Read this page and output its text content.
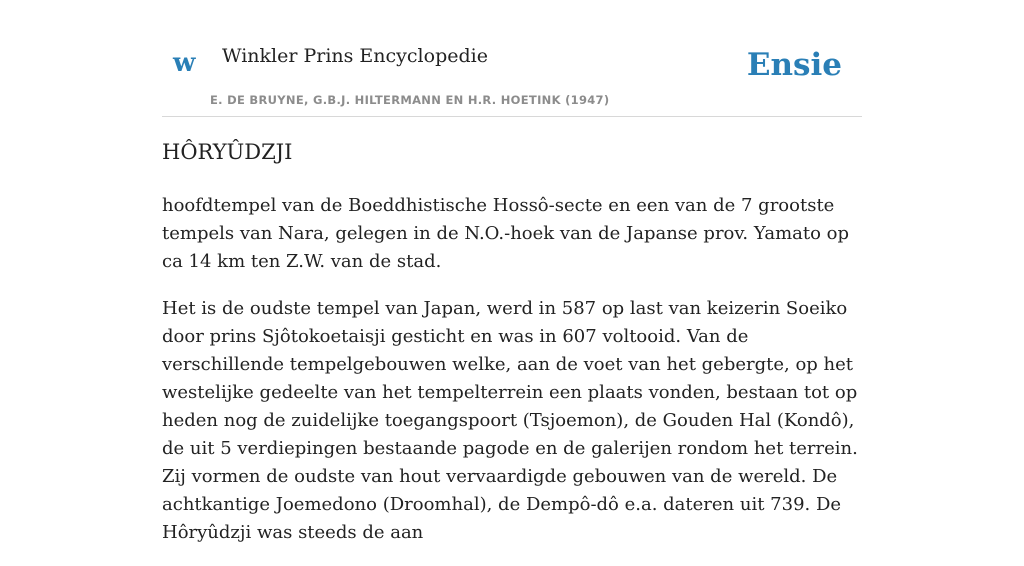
w Winkler Prins Encyclopedie
E. DE BRUYNE, G.B.J. HILTERMANN EN H.R. HOETINK (1947)
Ensie
HÔRYÛDZJI

hoofdtempel van de Boeddhistische Hossô-secte en een van de 7 grootste tempels van Nara, gelegen in de N.O.-hoek van de Japanse prov. Yamato op ca 14 km ten Z.W. van de stad.

Het is de oudste tempel van Japan, werd in 587 op last van keizerin Soeiko door prins Sjôtokoetaisji gesticht en was in 607 voltooid. Van de verschillende tempelgebouwen welke, aan de voet van het gebergte, op het westelijke gedeelte van het tempelterrein een plaats vonden, bestaan tot op heden nog de zuidelijke toegangspoort (Tsjoemon), de Gouden Hal (Kondô), de uit 5 verdiepingen bestaande pagode en de galerijen rondom het terrein. Zij vormen de oudste van hout vervaardigde gebouwen van de wereld. De achtkantige Joemedono (Droomhal), de Dempô-dô e.a. dateren uit 739. De Hôryûdzji was steeds de aan
